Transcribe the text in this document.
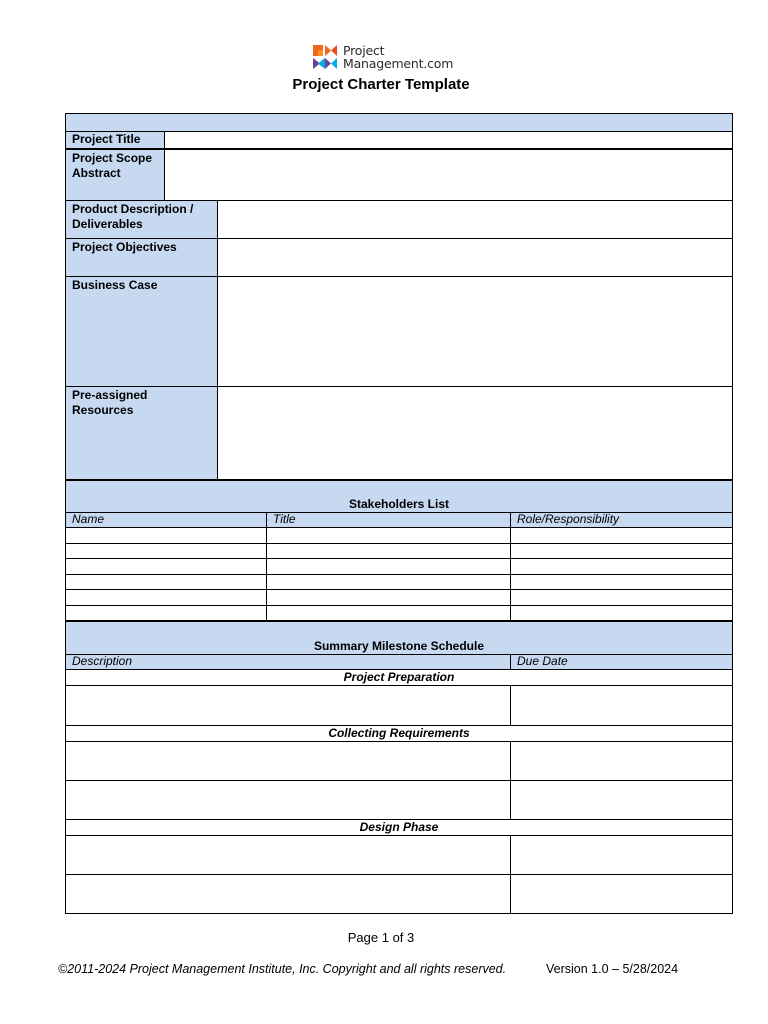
Project
Management.com
Project Charter Template

Project Title		
Project Scope Abstract		
Product Description / Deliverables		
Project Objectives		
Business Case		
Pre-assigned Resources		
Stakeholders List		
Name	Title	Role/Responsibility

Summary Milestone Schedule	
Description	Due Date
Project Preparation	

Collecting Requirements	

Design Phase	

Page 1 of 3
©2011-2024 Project Management Institute, Inc. Copyright and all rights reserved.	Version 1.0 – 5/28/2024
